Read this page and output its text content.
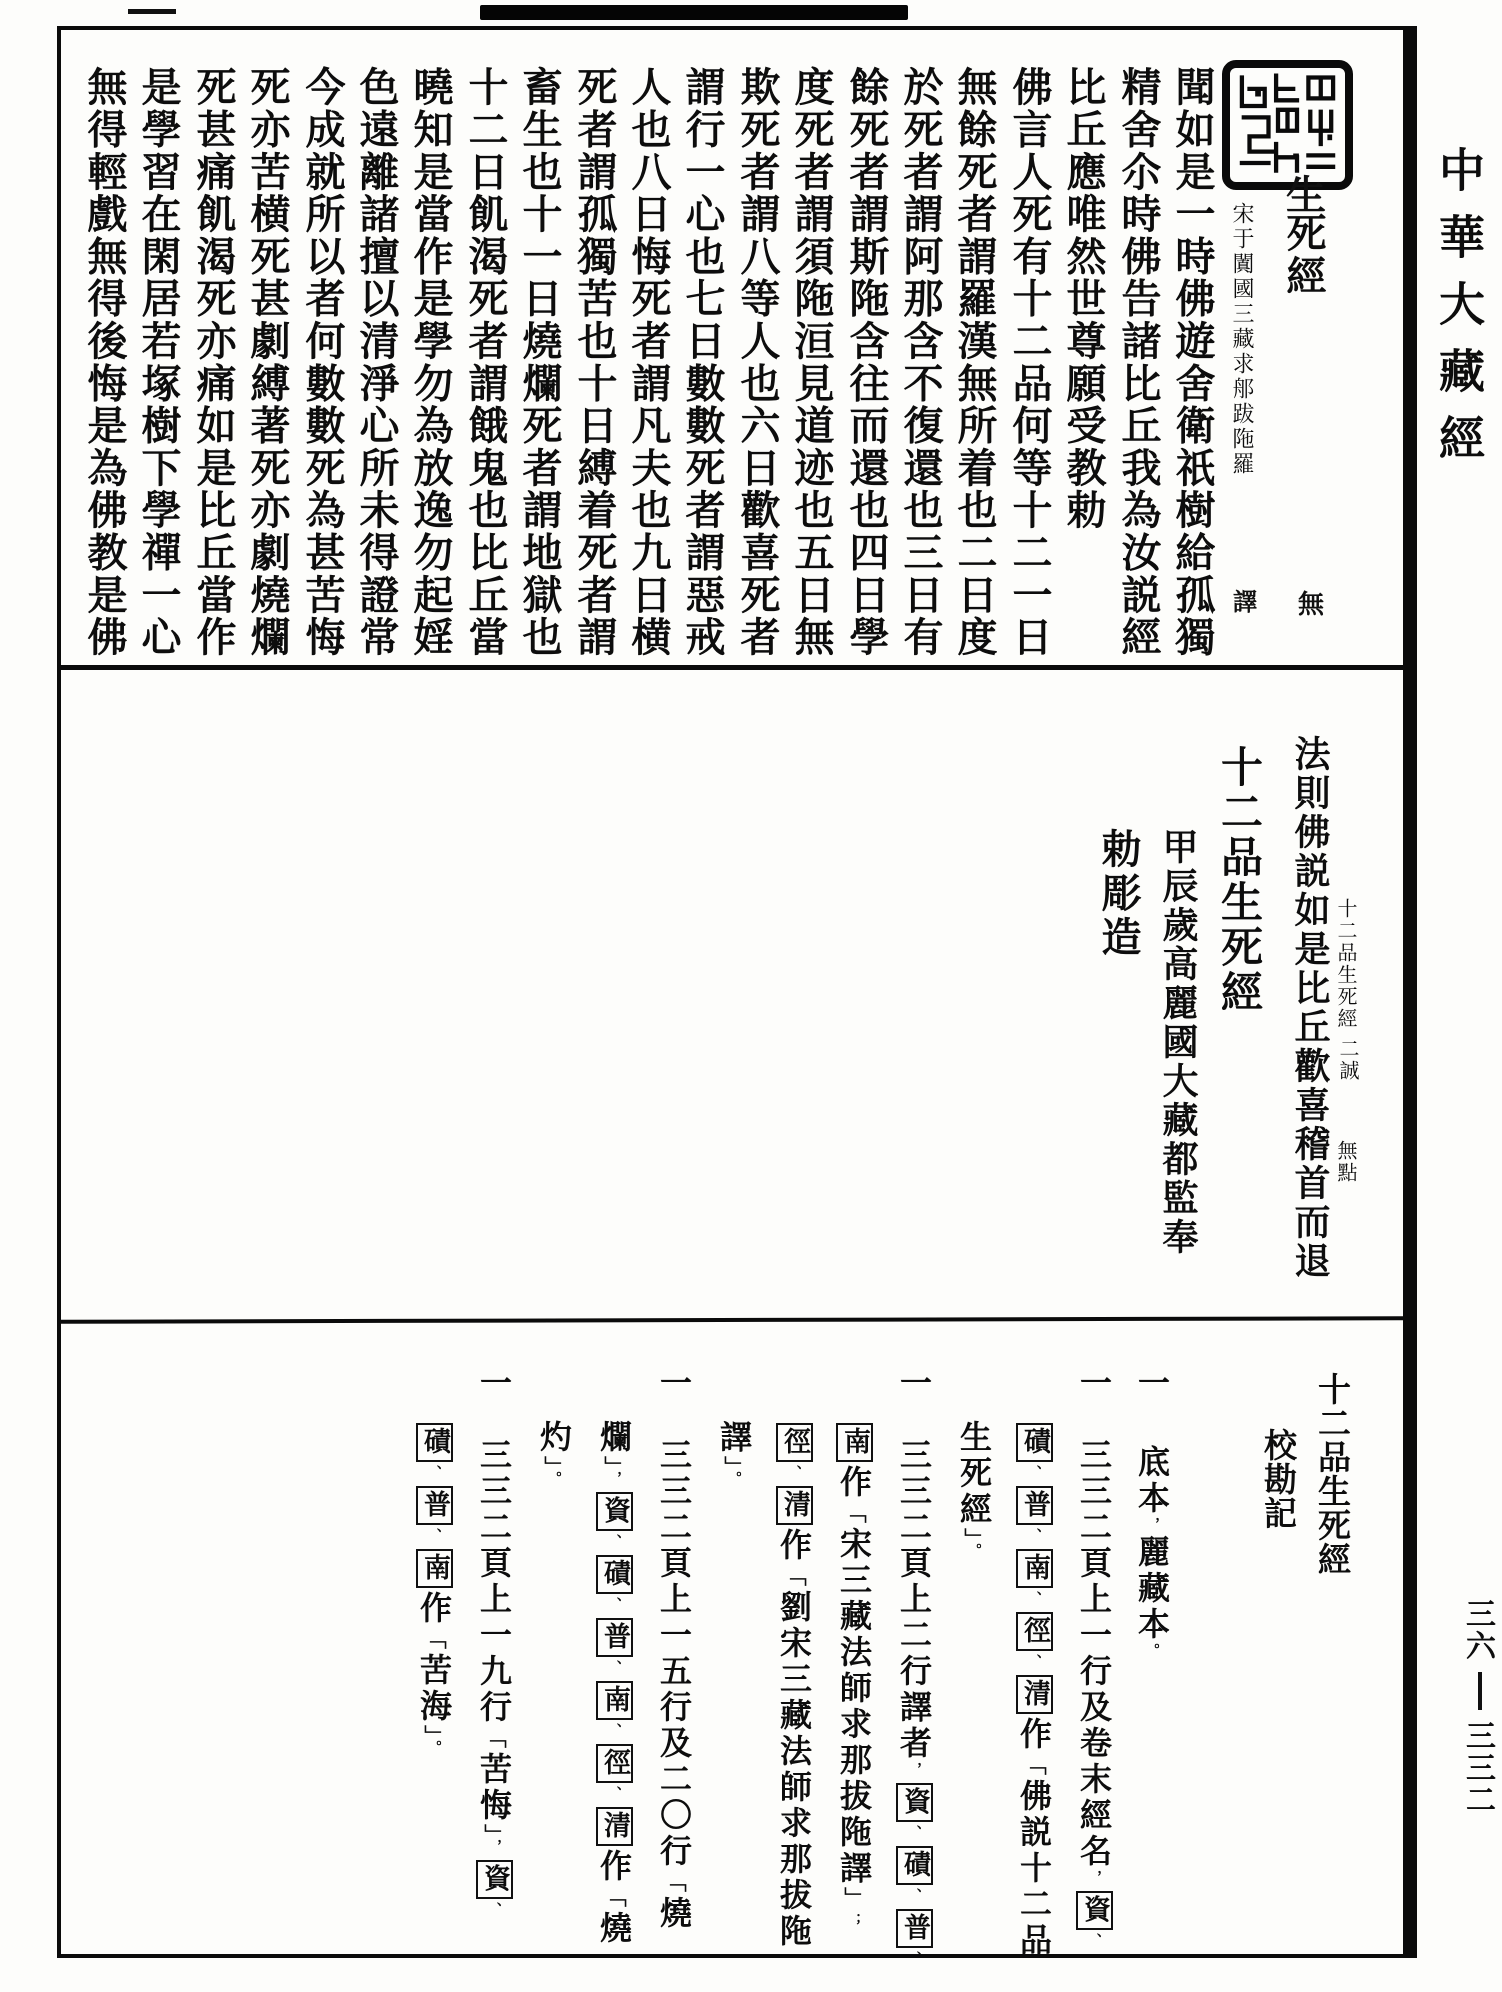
中華大藏經
三六
三三二
生
死經
無
宋于闐國三藏求郍跋陁羅
譯
聞如是一時佛遊舍衛祇樹給孤獨
精舍尒時佛告諸比丘我為汝説經
比丘應唯然世尊願受教勅
佛言人死有十二品何等十二一日
無餘死者謂羅漢無所着也二日度
於死者謂阿那含不復還也三日有
餘死者謂斯陁含往而還也四日學
度死者謂須陁洹見道迹也五日無
欺死者謂八等人也六日歡喜死者
謂行一心也七日數數死者謂惡戒
人也八日悔死者謂凡夫也九日横
死者謂孤獨苦也十日縛着死者謂
畜生也十一日燒爛死者謂地獄也
十二日飢渴死者謂餓鬼也比丘當
曉知是當作是學勿為放逸勿起婬
色遠離諸擅以清淨心所未得證常
今成就所以者何數數死為甚苦悔
死亦苦横死甚劇縛著死亦劇燒爛
死甚痛飢渴死亦痛如是比丘當作
是學習在閑居若塚樹下學禪一心
無得輕戲無得後悔是為佛教是佛
法則佛説如是比丘歡喜稽首而退 十二品生死經
二誠
無點
十二品生死經
甲辰歲高麗國大藏都監奉
勅彫造
十二品生死經
校勘記
一
底本，麗藏本。
一
三三二頁上一行及卷末經名，資、
磧、普、南、徑、清作「佛説十二品
生死經」。
一
三三二頁上二行譯者，資、磧、普、
南作「宋三藏法師求那拔陁譯」；
徑、清作「劉宋三藏法師求那拔陁
譯」。
一
三三二頁上一五行及二〇行「燒
爛」，資、磧、普、南、徑、清作「燒
灼」。
一
三三二頁上一九行「苦悔」，資、
磧、普、南作「苦海」。
